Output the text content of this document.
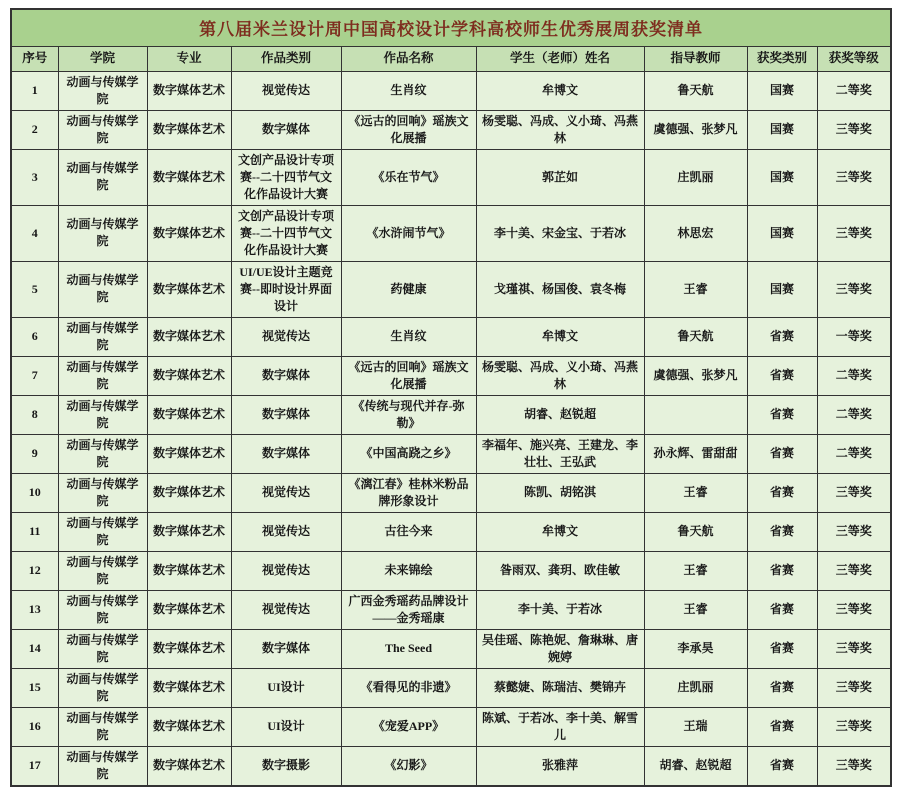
第八届米兰设计周中国高校设计学科高校师生优秀展周获奖清单								
序号	学院	专业	作品类别	作品名称	学生（老师）姓名	指导教师	获奖类别	获奖等级
1	动画与传媒学院	数字媒体艺术	视觉传达	生肖纹	牟博文	鲁天航	国赛	二等奖
2	动画与传媒学院	数字媒体艺术	数字媒体	《远古的回响》瑶族文化展播	杨雯聪、冯成、义小琦、冯燕林	虞德强、张梦凡	国赛	三等奖
3	动画与传媒学院	数字媒体艺术	文创产品设计专项赛--二十四节气文化作品设计大赛	《乐在节气》	郭芷如	庄凯丽	国赛	三等奖
4	动画与传媒学院	数字媒体艺术	文创产品设计专项赛--二十四节气文化作品设计大赛	《水浒闹节气》	李十美、宋金宝、于若冰	林思宏	国赛	三等奖
5	动画与传媒学院	数字媒体艺术	UI/UE设计主题竞赛--即时设计界面设计	药健康	戈瑾祺、杨国俊、袁冬梅	王睿	国赛	三等奖
6	动画与传媒学院	数字媒体艺术	视觉传达	生肖纹	牟博文	鲁天航	省赛	一等奖
7	动画与传媒学院	数字媒体艺术	数字媒体	《远古的回响》瑶族文化展播	杨雯聪、冯成、义小琦、冯燕林	虞德强、张梦凡	省赛	二等奖
8	动画与传媒学院	数字媒体艺术	数字媒体	《传统与现代并存-弥勒》	胡睿、赵锐超		省赛	二等奖
9	动画与传媒学院	数字媒体艺术	数字媒体	《中国高跷之乡》	李福年、施兴亮、王建龙、李壮壮、王弘武	孙永辉、雷甜甜	省赛	二等奖
10	动画与传媒学院	数字媒体艺术	视觉传达	《漓江春》桂林米粉品牌形象设计	陈凯、胡铭淇	王睿	省赛	三等奖
11	动画与传媒学院	数字媒体艺术	视觉传达	古往今来	牟博文	鲁天航	省赛	三等奖
12	动画与传媒学院	数字媒体艺术	视觉传达	未来锦绘	昝雨双、龚玥、欧佳敏	王睿	省赛	三等奖
13	动画与传媒学院	数字媒体艺术	视觉传达	广西金秀瑶药品牌设计——金秀瑶康	李十美、于若冰	王睿	省赛	三等奖
14	动画与传媒学院	数字媒体艺术	数字媒体	The Seed	吴佳瑶、陈艳妮、詹琳琳、唐婉婷	李承昊	省赛	三等奖
15	动画与传媒学院	数字媒体艺术	UI设计	《看得见的非遗》	蔡懿婕、陈瑞洁、樊锦卉	庄凯丽	省赛	三等奖
16	动画与传媒学院	数字媒体艺术	UI设计	《宠爱APP》	陈斌、于若冰、李十美、解雪儿	王瑞	省赛	三等奖
17	动画与传媒学院	数字媒体艺术	数字摄影	《幻影》	张雅萍	胡睿、赵锐超	省赛	三等奖
